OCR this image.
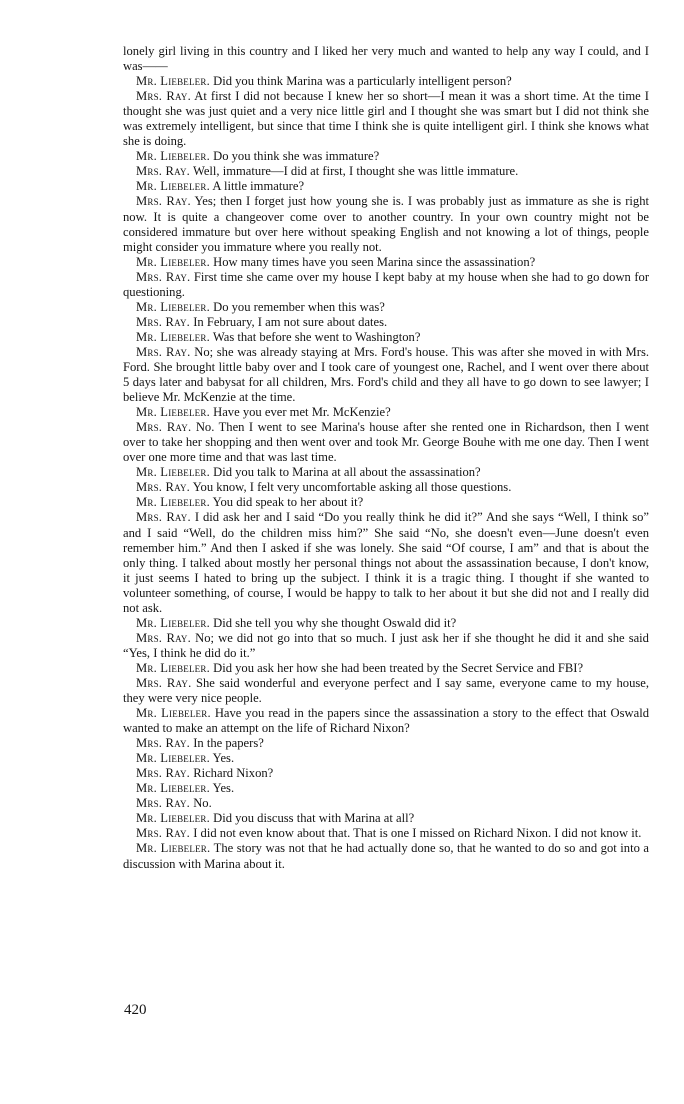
lonely girl living in this country and I liked her very much and wanted to help any way I could, and I was——

Mr. Liebeler. Did you think Marina was a particularly intelligent person?

Mrs. Ray. At first I did not because I knew her so short—I mean it was a short time. At the time I thought she was just quiet and a very nice little girl and I thought she was smart but I did not think she was extremely intelligent, but since that time I think she is quite intelligent girl. I think she knows what she is doing.

Mr. Liebeler. Do you think she was immature?

Mrs. Ray. Well, immature—I did at first, I thought she was little immature.

Mr. Liebeler. A little immature?

Mrs. Ray. Yes; then I forget just how young she is. I was probably just as immature as she is right now. It is quite a changeover come over to another country. In your own country might not be considered immature but over here without speaking English and not knowing a lot of things, people might consider you immature where you really not.

Mr. Liebeler. How many times have you seen Marina since the assassination?

Mrs. Ray. First time she came over my house I kept baby at my house when she had to go down for questioning.

Mr. Liebeler. Do you remember when this was?

Mrs. Ray. In February, I am not sure about dates.

Mr. Liebeler. Was that before she went to Washington?

Mrs. Ray. No; she was already staying at Mrs. Ford's house. This was after she moved in with Mrs. Ford. She brought little baby over and I took care of youngest one, Rachel, and I went over there about 5 days later and babysat for all children, Mrs. Ford's child and they all have to go down to see lawyer; I believe Mr. McKenzie at the time.

Mr. Liebeler. Have you ever met Mr. McKenzie?

Mrs. Ray. No. Then I went to see Marina's house after she rented one in Richardson, then I went over to take her shopping and then went over and took Mr. George Bouhe with me one day. Then I went over one more time and that was last time.

Mr. Liebeler. Did you talk to Marina at all about the assassination?

Mrs. Ray. You know, I felt very uncomfortable asking all those questions.

Mr. Liebeler. You did speak to her about it?

Mrs. Ray. I did ask her and I said “Do you really think he did it?” And she says “Well, I think so” and I said “Well, do the children miss him?” She said “No, she doesn't even—June doesn't even remember him.” And then I asked if she was lonely. She said “Of course, I am” and that is about the only thing. I talked about mostly her personal things not about the assassination because, I don't know, it just seems I hated to bring up the subject. I think it is a tragic thing. I thought if she wanted to volunteer something, of course, I would be happy to talk to her about it but she did not and I really did not ask.

Mr. Liebeler. Did she tell you why she thought Oswald did it?

Mrs. Ray. No; we did not go into that so much. I just ask her if she thought he did it and she said “Yes, I think he did do it.”

Mr. Liebeler. Did you ask her how she had been treated by the Secret Service and FBI?

Mrs. Ray. She said wonderful and everyone perfect and I say same, everyone came to my house, they were very nice people.

Mr. Liebeler. Have you read in the papers since the assassination a story to the effect that Oswald wanted to make an attempt on the life of Richard Nixon?

Mrs. Ray. In the papers?

Mr. Liebeler. Yes.

Mrs. Ray. Richard Nixon?

Mr. Liebeler. Yes.

Mrs. Ray. No.

Mr. Liebeler. Did you discuss that with Marina at all?

Mrs. Ray. I did not even know about that. That is one I missed on Richard Nixon. I did not know it.

Mr. Liebeler. The story was not that he had actually done so, that he wanted to do so and got into a discussion with Marina about it.

420
